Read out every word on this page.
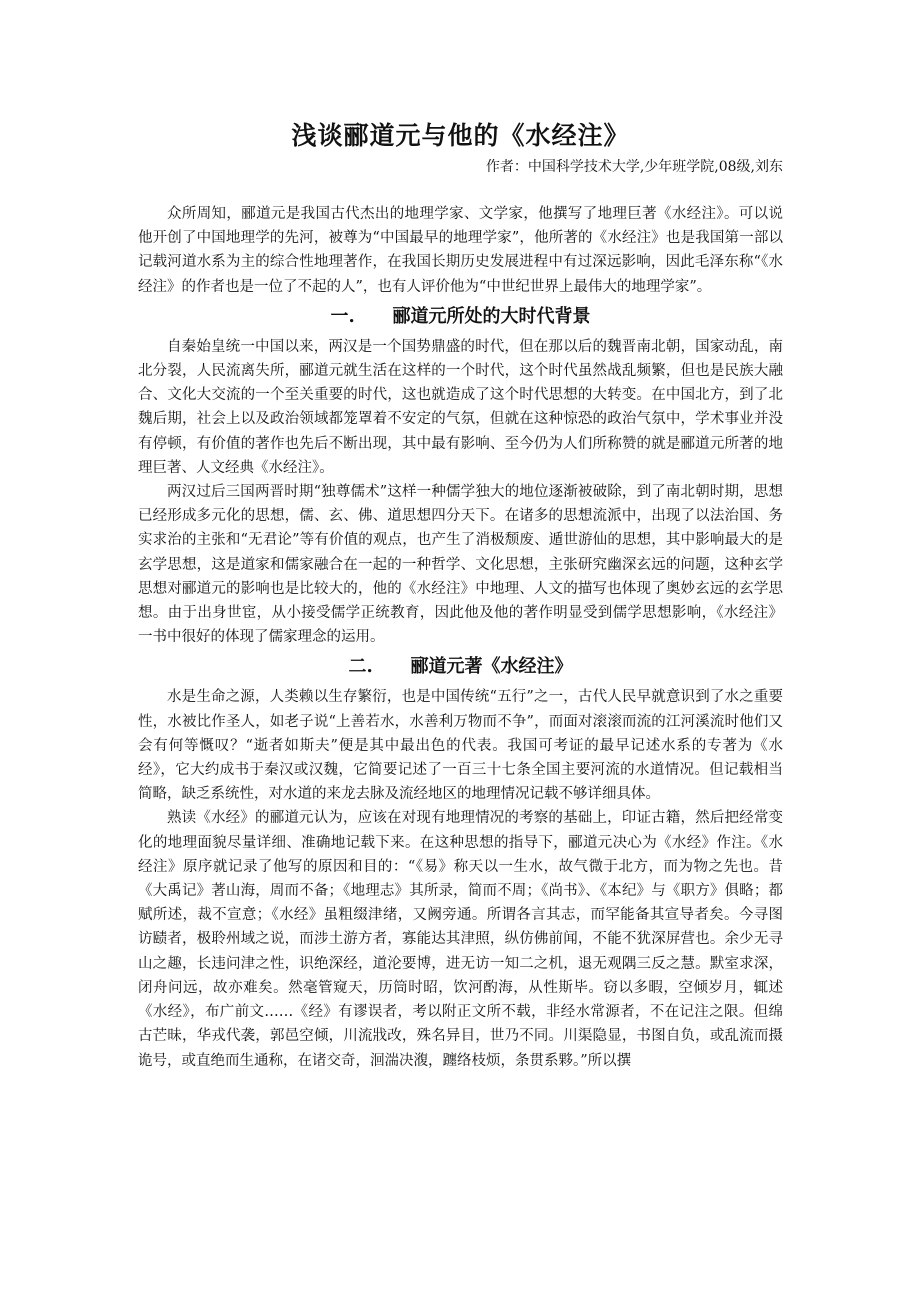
浅谈郦道元与他的《水经注》
作者：中国科学技术大学,少年班学院,08级,刘东

众所周知，郦道元是我国古代杰出的地理学家、文学家，他撰写了地理巨著《水经注》。可以说他开创了中国地理学的先河，被尊为“中国最早的地理学家”，他所著的《水经注》也是我国第一部以记载河道水系为主的综合性地理著作，在我国长期历史发展进程中有过深远影响，因此毛泽东称“《水经注》的作者也是一位了不起的人”，也有人评价他为“中世纪世界上最伟大的地理学家”。

一. 郦道元所处的大时代背景

自秦始皇统一中国以来，两汉是一个国势鼎盛的时代，但在那以后的魏晋南北朝，国家动乱，南北分裂，人民流离失所，郦道元就生活在这样的一个时代，这个时代虽然战乱频繁，但也是民族大融合、文化大交流的一个至关重要的时代，这也就造成了这个时代思想的大转变。在中国北方，到了北魏后期，社会上以及政治领域都笼罩着不安定的气氛，但就在这种惊恐的政治气氛中，学术事业并没有停顿，有价值的著作也先后不断出现，其中最有影响、至今仍为人们所称赞的就是郦道元所著的地理巨著、人文经典《水经注》。

两汉过后三国两晋时期“独尊儒术”这样一种儒学独大的地位逐渐被破除，到了南北朝时期，思想已经形成多元化的思想，儒、玄、佛、道思想四分天下。在诸多的思想流派中，出现了以法治国、务实求治的主张和“无君论”等有价值的观点，也产生了消极颓废、遁世游仙的思想，其中影响最大的是玄学思想，这是道家和儒家融合在一起的一种哲学、文化思想，主张研究幽深玄远的问题，这种玄学思想对郦道元的影响也是比较大的，他的《水经注》中地理、人文的描写也体现了奥妙玄远的玄学思想。由于出身世宦，从小接受儒学正统教育，因此他及他的著作明显受到儒学思想影响，《水经注》一书中很好的体现了儒家理念的运用。

二. 郦道元著《水经注》

水是生命之源，人类赖以生存繁衍，也是中国传统“五行”之一，古代人民早就意识到了水之重要性，水被比作圣人，如老子说“上善若水，水善利万物而不争”，而面对滚滚而流的江河溪流时他们又会有何等慨叹？“逝者如斯夫”便是其中最出色的代表。我国可考证的最早记述水系的专著为《水经》，它大约成书于秦汉或汉魏，它简要记述了一百三十七条全国主要河流的水道情况。但记载相当简略，缺乏系统性，对水道的来龙去脉及流经地区的地理情况记载不够详细具体。

熟读《水经》的郦道元认为，应该在对现有地理情况的考察的基础上，印证古籍，然后把经常变化的地理面貌尽量详细、准确地记载下来。在这种思想的指导下，郦道元决心为《水经》作注。《水经注》原序就记录了他写的原因和目的：“《易》称天以一生水，故气微于北方，而为物之先也。昔《大禹记》著山海，周而不备；《地理志》其所录，简而不周；《尚书》、《本纪》与《职方》俱略；都赋所述，裁不宣意；《水经》虽粗缀津绪，又阙旁通。所谓各言其志，而罕能备其宣导者矣。今寻图访赜者，极聆州域之说，而涉土游方者，寡能达其津照，纵仿佛前闻，不能不犹深屏营也。余少无寻山之趣，长违问津之性，识绝深经，道沦要博，进无访一知二之机，退无观隅三反之慧。默室求深，闭舟问远，故亦难矣。然毫管窥天，历筒时昭，饮河酌海，从性斯毕。窃以多暇，空倾岁月，辄述《水经》，布广前文……《经》有谬误者，考以附正文所不载，非经水常源者，不在记注之限。但绵古芒昧，华戎代袭，郭邑空倾，川流戕改，殊名异目，世乃不同。川渠隐显，书图自负，或乱流而摄诡号，或直绝而生通称，在诸交奇，洄湍决澓，躔络枝烦，条贯系夥。”所以撰
